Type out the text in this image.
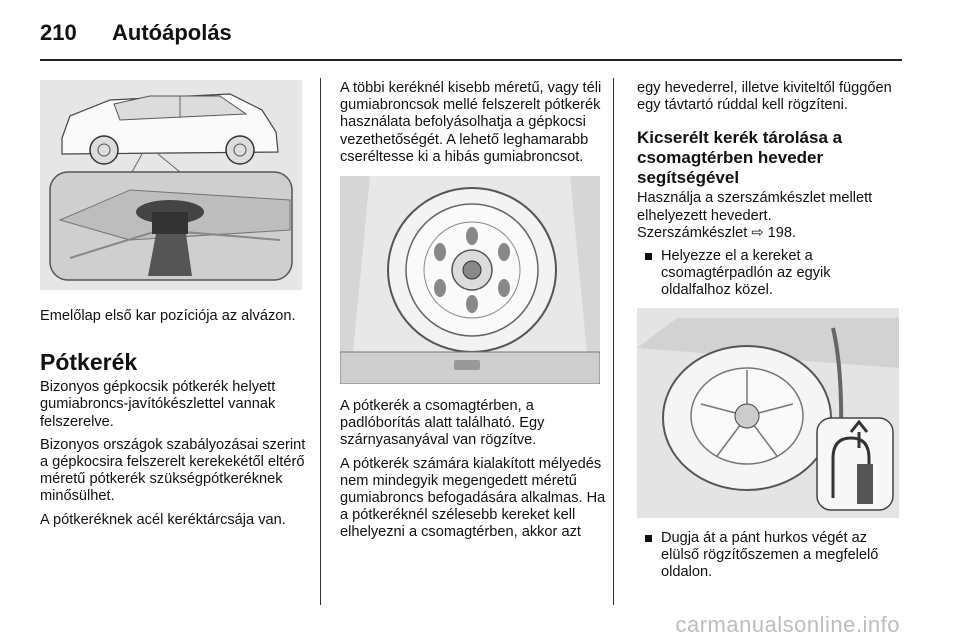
210 Autóápolás

Emelőlap első kar pozíciója az alvázon.

Pótkerék

Bizonyos gépkocsik pótkerék helyett gumiabroncs-javítókészlettel vannak felszerelve.

Bizonyos országok szabályozásai szerint a gépkocsira felszerelt kerekekétől eltérő méretű pótkerék szükségpótkeréknek minősülhet.

A pótkeréknek acél keréktárcsája van.

A többi keréknél kisebb méretű, vagy téli gumiabroncsok mellé felszerelt pótkerék használata befolyásolhatja a gépkocsi vezethetőségét. A lehető leghamarabb cseréltesse ki a hibás gumiabroncsot.

A pótkerék a csomagtérben, a padlóborítás alatt található. Egy szárnyasanyával van rögzítve.

A pótkerék számára kialakított mélyedés nem mindegyik megengedett méretű gumiabroncs befogadására alkalmas. Ha a pótkeréknél szélesebb kereket kell elhelyezni a csomagtérben, akkor azt

egy hevederrel, illetve kiviteltől függően egy távtartó rúddal kell rögzíteni.

Kicserélt kerék tárolása a csomagtérben heveder segítségével

Használja a szerszámkészlet mellett elhelyezett hevedert.

Szerszámkészlet ⇨ 198.

Helyezze el a kereket a csomagtérpadlón az egyik oldalfalhoz közel.
Dugja át a pánt hurkos végét az elülső rögzítőszemen a megfelelő oldalon.
carmanualsonline.info
